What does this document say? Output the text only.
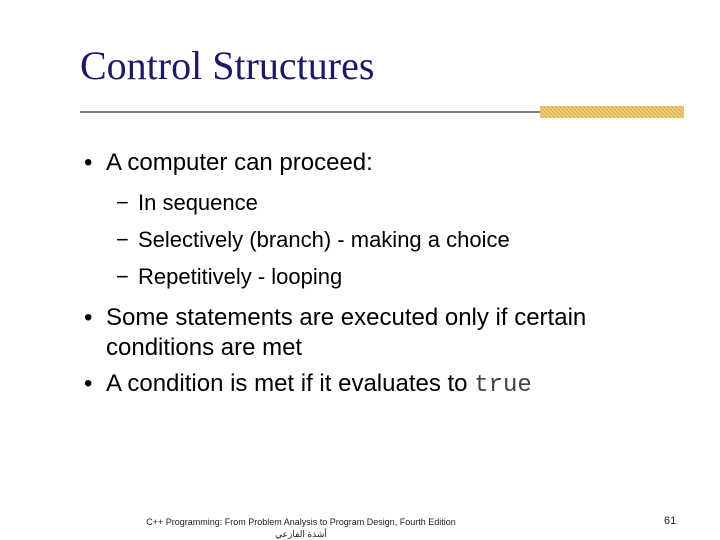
Control Structures
• A computer can proceed:
− In sequence
− Selectively (branch) - making a choice
− Repetitively - looping
• Some statements are executed only if certain conditions are met
• A condition is met if it evaluates to true
C++ Programming: From Problem Analysis to Program Design, Fourth Edition
أشذة الفازعي
61
